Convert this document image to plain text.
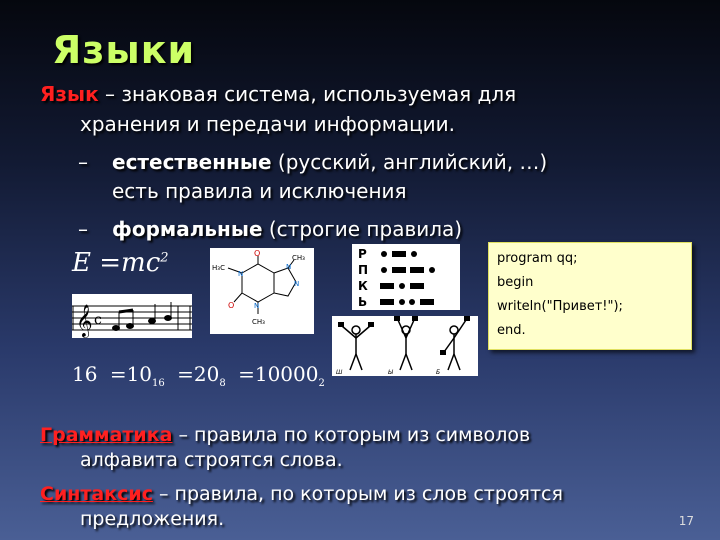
Языки
Язык – знаковая система, используемая для
хранения и передачи информации.
– естественные (русский, английский, …)
есть правила и исключения
– формальные (строгие правила)
$E =mc^2$
𝄞 c
$16 =10_{16} =20_8 =10000_2$
O	CH₃
N
H₃C
N
N
O	N
CH₃
Р
П
К
Ь
Ш	Ы	Б
program qq;
begin
writeln("Привет!");
end.
Грамматика – правила по которым из символов
алфавита строятся слова.
Синтаксис – правила, по которым из слов строятся
предложения.	17
